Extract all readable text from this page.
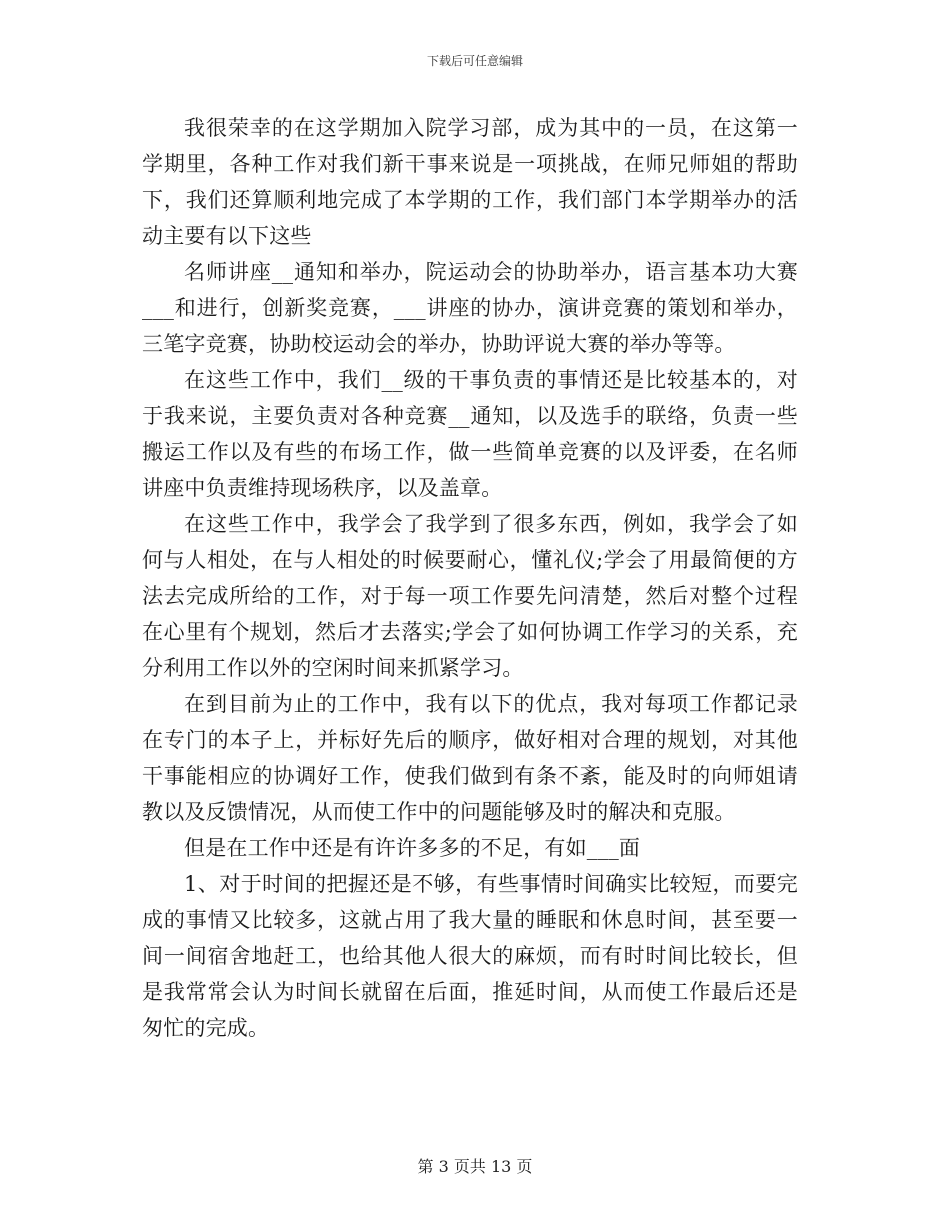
下载后可任意编辑

我很荣幸的在这学期加入院学习部，成为其中的一员，在这第一学期里，各种工作对我们新干事来说是一项挑战，在师兄师姐的帮助下，我们还算顺利地完成了本学期的工作，我们部门本学期举办的活动主要有以下这些

名师讲座__通知和举办，院运动会的协助举办，语言基本功大赛___和进行，创新奖竞赛，___讲座的协办，演讲竞赛的策划和举办，三笔字竞赛，协助校运动会的举办，协助评说大赛的举办等等。

在这些工作中，我们__级的干事负责的事情还是比较基本的，对于我来说，主要负责对各种竞赛__通知，以及选手的联络，负责一些搬运工作以及有些的布场工作，做一些简单竞赛的以及评委，在名师讲座中负责维持现场秩序，以及盖章。

在这些工作中，我学会了我学到了很多东西，例如，我学会了如何与人相处，在与人相处的时候要耐心，懂礼仪;学会了用最简便的方法去完成所给的工作，对于每一项工作要先问清楚，然后对整个过程在心里有个规划，然后才去落实;学会了如何协调工作学习的关系，充分利用工作以外的空闲时间来抓紧学习。

在到目前为止的工作中，我有以下的优点，我对每项工作都记录在专门的本子上，并标好先后的顺序，做好相对合理的规划，对其他干事能相应的协调好工作，使我们做到有条不紊，能及时的向师姐请教以及反馈情况，从而使工作中的问题能够及时的解决和克服。

但是在工作中还是有许许多多的不足，有如___面

1、对于时间的把握还是不够，有些事情时间确实比较短，而要完成的事情又比较多，这就占用了我大量的睡眠和休息时间，甚至要一间一间宿舍地赶工，也给其他人很大的麻烦，而有时时间比较长，但是我常常会认为时间长就留在后面，推延时间，从而使工作最后还是匆忙的完成。

第 3 页共 13 页
